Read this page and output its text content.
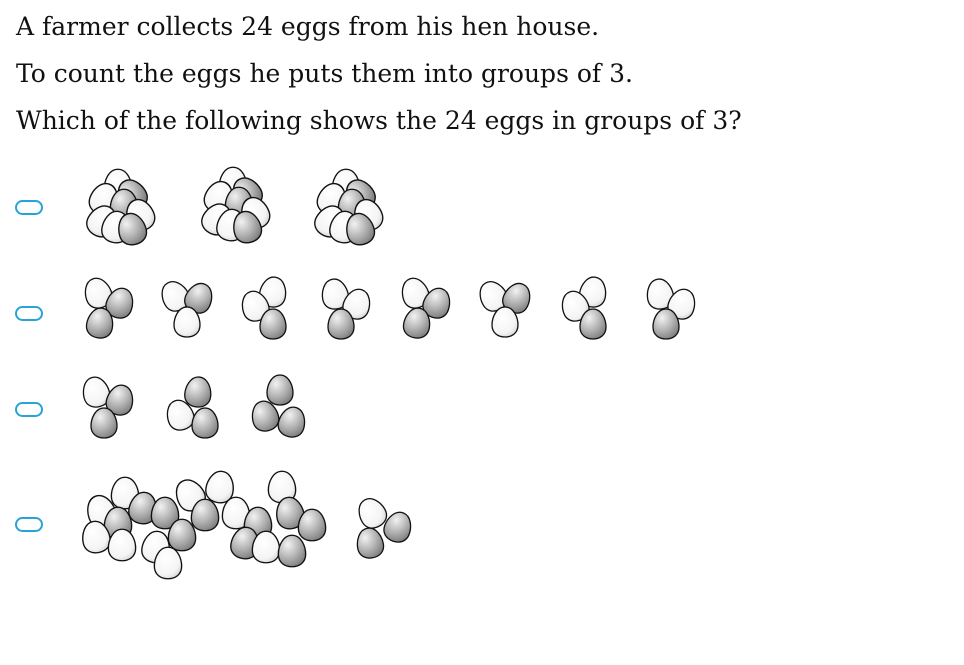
A farmer collects 24 eggs from his hen house.
To count the eggs he puts them into groups of 3.
Which of the following shows the 24 eggs in groups of 3?
